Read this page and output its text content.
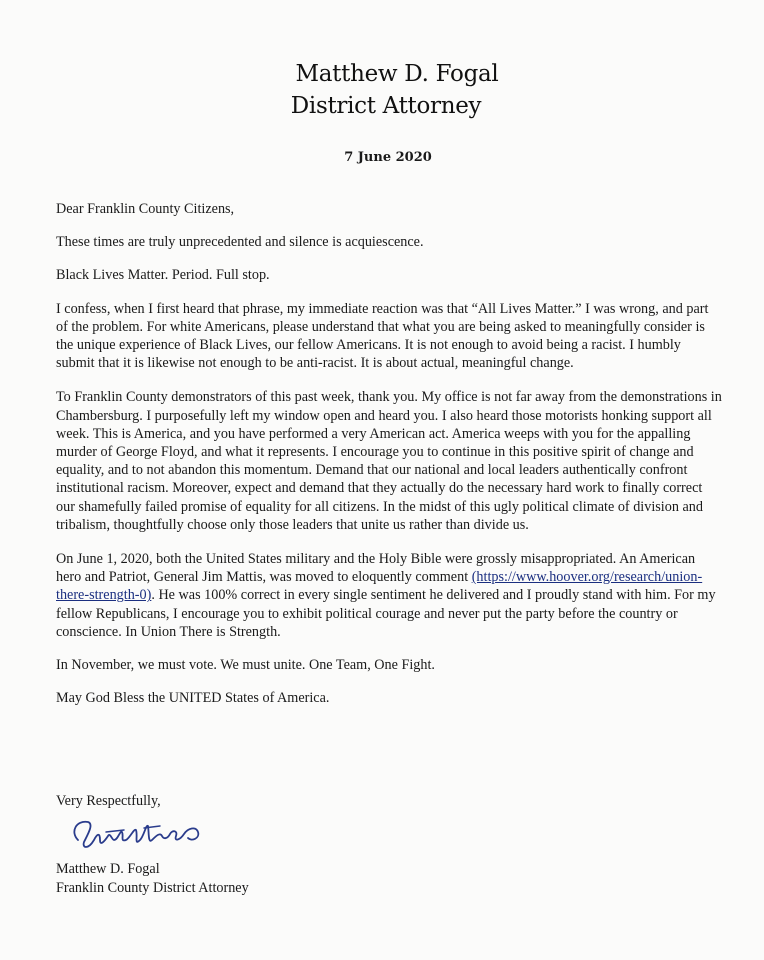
Matthew D. Fogal
District Attorney
7 June 2020

Dear Franklin County Citizens,

These times are truly unprecedented and silence is acquiescence.

Black Lives Matter. Period. Full stop.

I confess, when I first heard that phrase, my immediate reaction was that “All Lives Matter.” I was wrong, and part of the problem. For white Americans, please understand that what you are being asked to meaningfully consider is the unique experience of Black Lives, our fellow Americans. It is not enough to avoid being a racist. I humbly submit that it is likewise not enough to be anti-racist. It is about actual, meaningful change.

To Franklin County demonstrators of this past week, thank you. My office is not far away from the demonstrations in Chambersburg. I purposefully left my window open and heard you. I also heard those motorists honking support all week. This is America, and you have performed a very American act. America weeps with you for the appalling murder of George Floyd, and what it represents. I encourage you to continue in this positive spirit of change and equality, and to not abandon this momentum. Demand that our national and local leaders authentically confront institutional racism. Moreover, expect and demand that they actually do the necessary hard work to finally correct our shamefully failed promise of equality for all citizens. In the midst of this ugly political climate of division and tribalism, thoughtfully choose only those leaders that unite us rather than divide us.

On June 1, 2020, both the United States military and the Holy Bible were grossly misappropriated. An American hero and Patriot, General Jim Mattis, was moved to eloquently comment (https://www.hoover.org/research/union-there-strength-0). He was 100% correct in every single sentiment he delivered and I proudly stand with him. For my fellow Republicans, I encourage you to exhibit political courage and never put the party before the country or conscience. In Union There is Strength.

In November, we must vote. We must unite. One Team, One Fight.

May God Bless the UNITED States of America.

Very Respectfully,
Matthew D. Fogal
Franklin County District Attorney
